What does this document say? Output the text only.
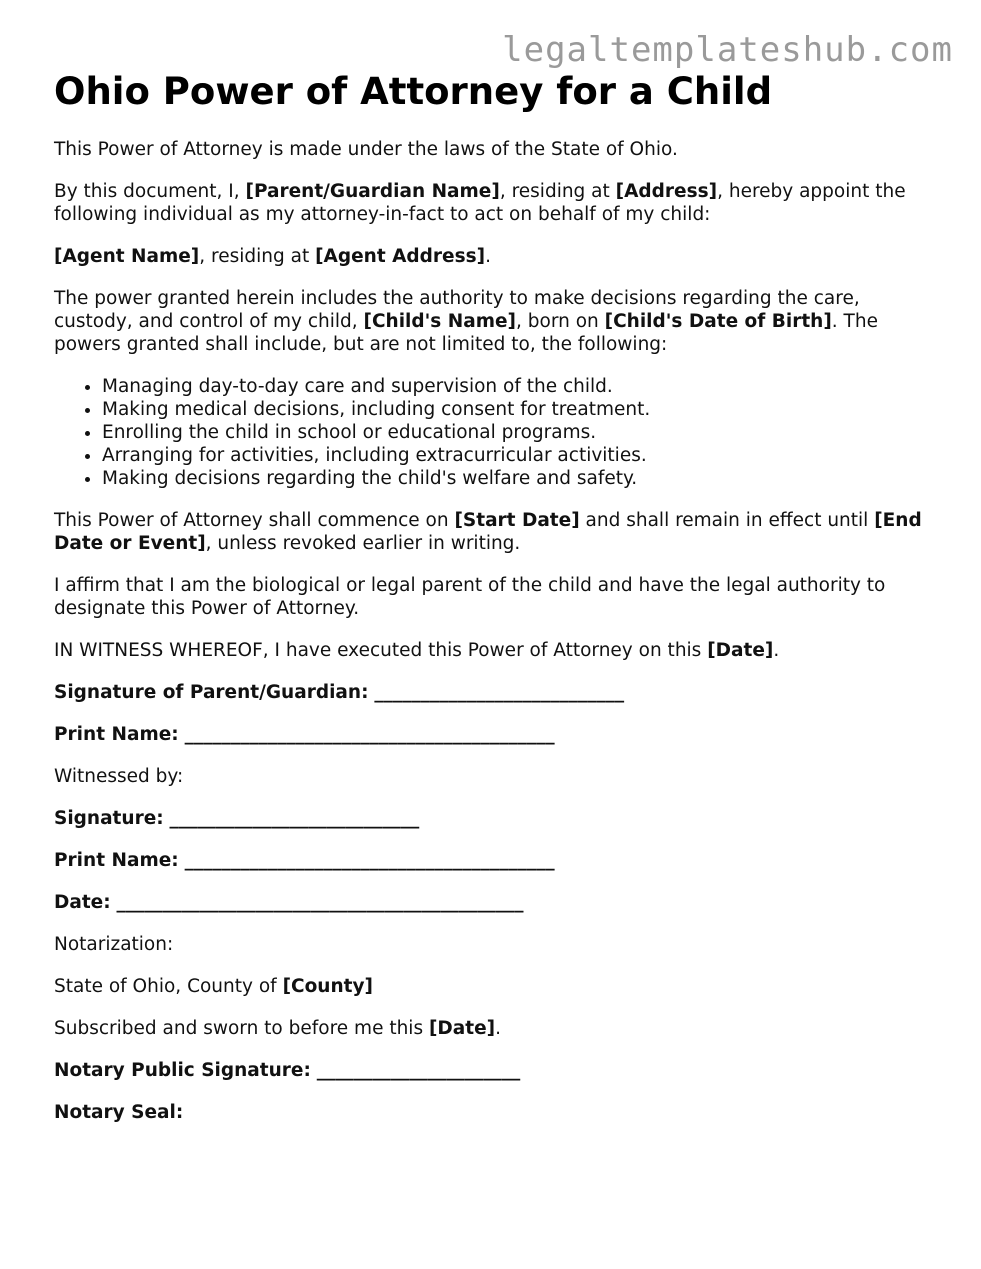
legaltemplateshub.com
Ohio Power of Attorney for a Child

This Power of Attorney is made under the laws of the State of Ohio.

By this document, I, [Parent/Guardian Name], residing at [Address], hereby appoint the following individual as my attorney-in-fact to act on behalf of my child:

[Agent Name], residing at [Agent Address].

The power granted herein includes the authority to make decisions regarding the care, custody, and control of my child, [Child's Name], born on [Child's Date of Birth]. The powers granted shall include, but are not limited to, the following:

• Managing day-to-day care and supervision of the child.
• Making medical decisions, including consent for treatment.
• Enrolling the child in school or educational programs.
• Arranging for activities, including extracurricular activities.
• Making decisions regarding the child's welfare and safety.

This Power of Attorney shall commence on [Start Date] and shall remain in effect until [End Date or Event], unless revoked earlier in writing.

I affirm that I am the biological or legal parent of the child and have the legal authority to designate this Power of Attorney.

IN WITNESS WHEREOF, I have executed this Power of Attorney on this [Date].

Signature of Parent/Guardian: ___________________________
Print Name: ________________________________________

Witnessed by:

Signature: ___________________________
Print Name: ________________________________________
Date: ____________________________________________

Notarization:

State of Ohio, County of [County]

Subscribed and sworn to before me this [Date].

Notary Public Signature: ______________________
Notary Seal:
